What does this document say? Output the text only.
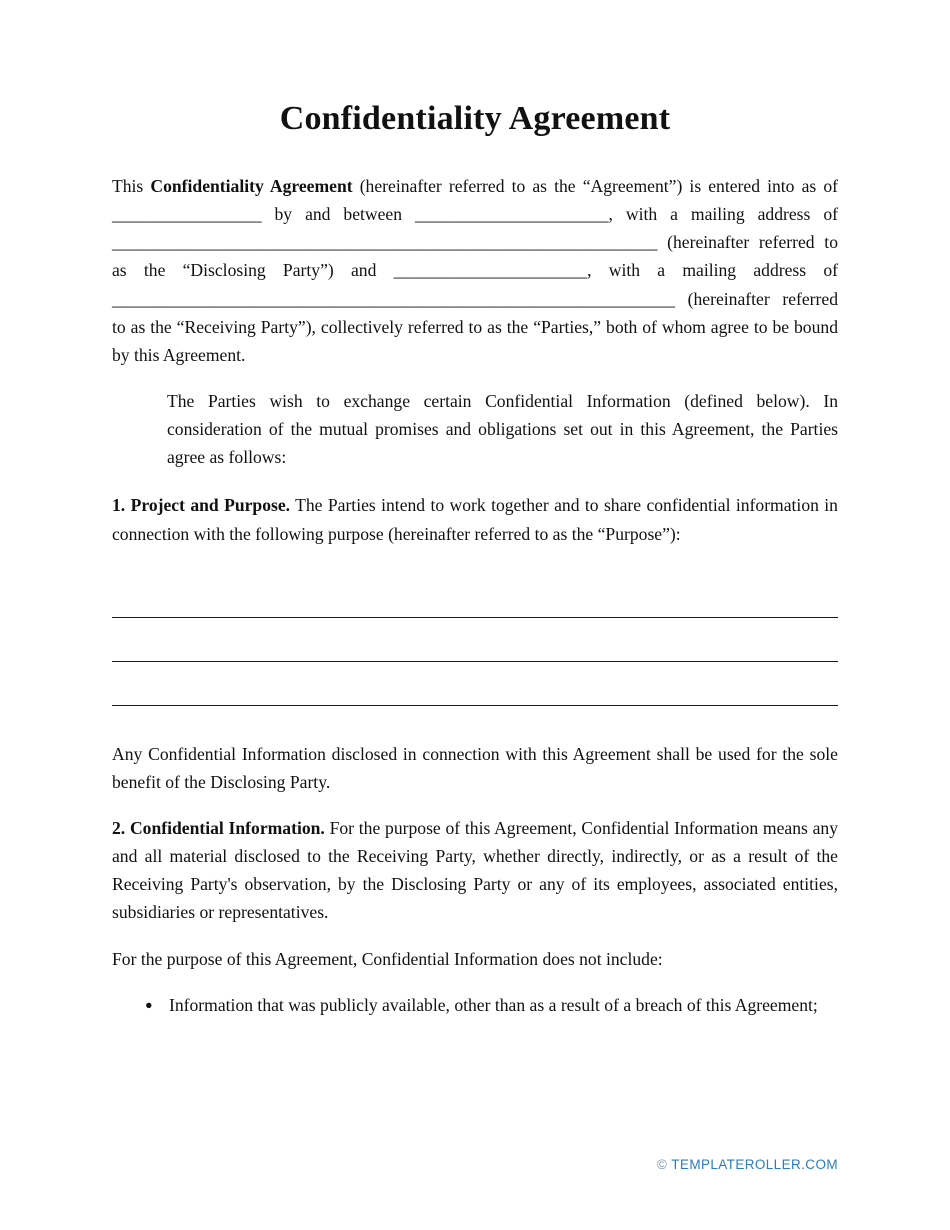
Confidentiality Agreement

This Confidentiality Agreement (hereinafter referred to as the “Agreement”) is entered into as of _________________ by and between ______________________, with a mailing address of ______________________________________________________________ (hereinafter referred to as the “Disclosing Party”) and ______________________, with a mailing address of ________________________________________________________________ (hereinafter referred to as the “Receiving Party”), collectively referred to as the “Parties,” both of whom agree to be bound by this Agreement.

The Parties wish to exchange certain Confidential Information (defined below). In consideration of the mutual promises and obligations set out in this Agreement, the Parties agree as follows:

1. Project and Purpose. The Parties intend to work together and to share confidential information in connection with the following purpose (hereinafter referred to as the “Purpose”):

Any Confidential Information disclosed in connection with this Agreement shall be used for the sole benefit of the Disclosing Party.

2. Confidential Information. For the purpose of this Agreement, Confidential Information means any and all material disclosed to the Receiving Party, whether directly, indirectly, or as a result of the Receiving Party's observation, by the Disclosing Party or any of its employees, associated entities, subsidiaries or representatives.

For the purpose of this Agreement, Confidential Information does not include:

● Information that was publicly available, other than as a result of a breach of this Agreement;
© TEMPLATEROLLER.COM
